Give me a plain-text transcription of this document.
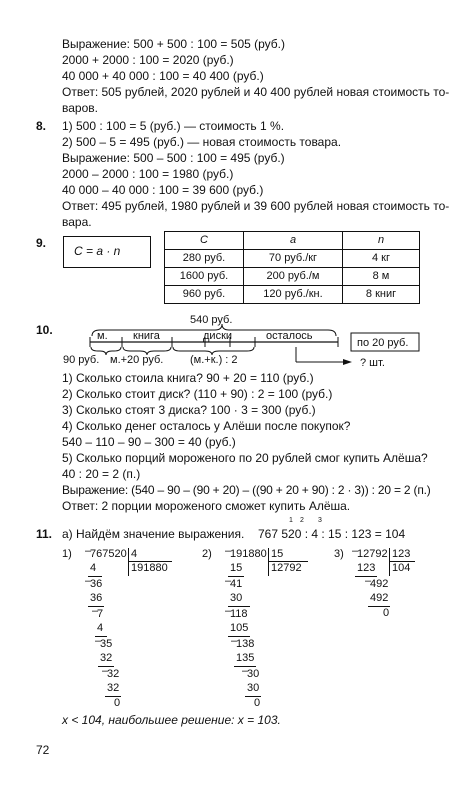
Выражение: 500 + 500 : 100 = 505 (руб.)
2000 + 2000 : 100 = 2020 (руб.)
40 000 + 40 000 : 100 = 40 400 (руб.)
Ответ: 505 рублей, 2020 рублей и 40 400 рублей новая стоимость то-
варов.
8. 1) 500 : 100 = 5 (руб.) — стоимость 1 %.
2) 500 – 5 = 495 (руб.) — новая стоимость товара.
Выражение: 500 – 500 : 100 = 495 (руб.)
2000 – 2000 : 100 = 1980 (руб.)
40 000 – 40 000 : 100 = 39 600 (руб.)
Ответ: 495 рублей, 1980 рублей и 39 600 рублей новая стоимость то-
вара.
9.
C = a · n
C	a	n
280 руб.	70 руб./кг	4 кг
1600 руб.	200 руб./м	8 м
960 руб.	120 руб./кн.	8 книг
10.
540 руб.
м. книга	диски	осталось
по 20 руб.
? шт.
90 руб. м.+20 руб. (м.+к.) : 2
1) Сколько стоила книга? 90 + 20 = 110 (руб.)
2) Сколько стоит диск? (110 + 90) : 2 = 100 (руб.)
3) Сколько стоят 3 диска? 100 · 3 = 300 (руб.)
4) Сколько денег осталось у Алёши после покупок?
540 – 110 – 90 – 300 = 40 (руб.)
5) Сколько порций мороженого по 20 рублей смог купить Алёша?
40 : 20 = 2 (п.)
Выражение: (540 – 90 – (90 + 20) – ((90 + 20 + 90) : 2 · 3)) : 20 = 2 (п.)
Ответ: 2 порции мороженого сможет купить Алёша.
11. а) Найдём значение выражения. 767 520 : 4 : 15 : 123 = 104
1 2 3
1) –
767520 4
191880
4
–
36
36
–
7
4
–
35
32
–
32
32
0
2) –
191880 15
12792
15
–
41
30
–
118
105
–
138
135
–
30
30
0
3) –
12792 123
104
123
–
492
492
0
x < 104, наибольшее решение: x = 103.
72
